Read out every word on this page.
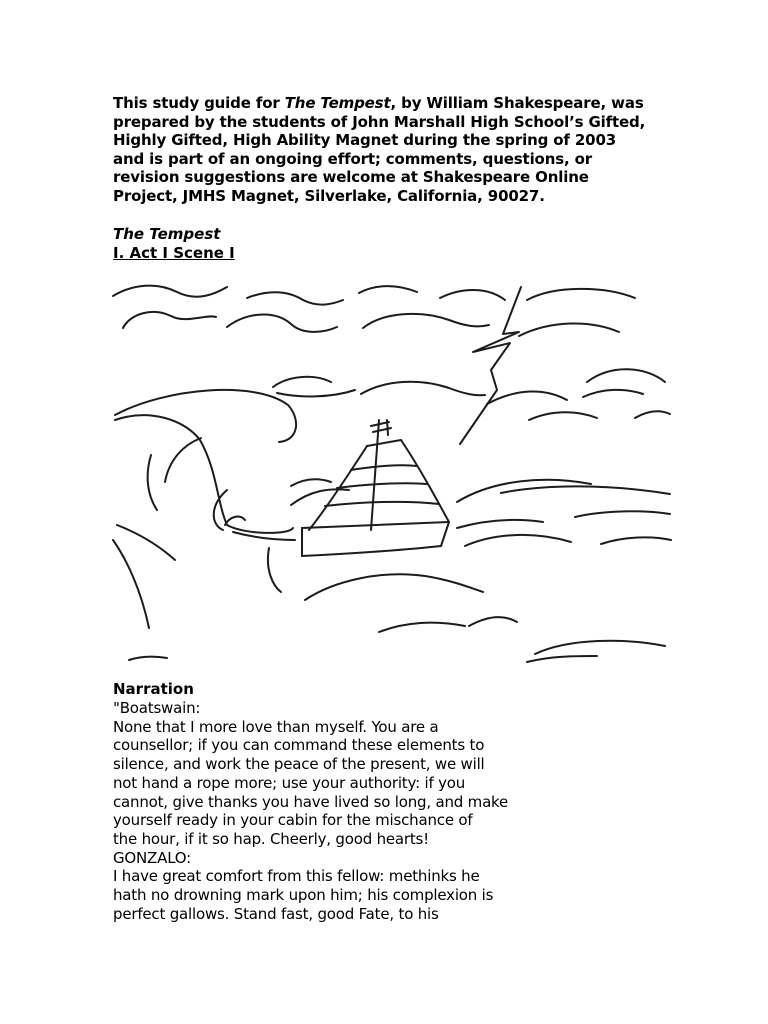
This study guide for The Tempest, by William Shakespeare, was
prepared by the students of John Marshall High School’s Gifted,
Highly Gifted, High Ability Magnet during the spring of 2003
and is part of an ongoing effort; comments, questions, or
revision suggestions are welcome at Shakespeare Online
Project, JMHS Magnet, Silverlake, California, 90027.
The Tempest
I. Act I Scene I
Narration
"Boatswain:
None that I more love than myself. You are a
counsellor; if you can command these elements to
silence, and work the peace of the present, we will
not hand a rope more; use your authority: if you
cannot, give thanks you have lived so long, and make
yourself ready in your cabin for the mischance of
the hour, if it so hap. Cheerly, good hearts!
GONZALO:
I have great comfort from this fellow: methinks he
hath no drowning mark upon him; his complexion is
perfect gallows. Stand fast, good Fate, to his
